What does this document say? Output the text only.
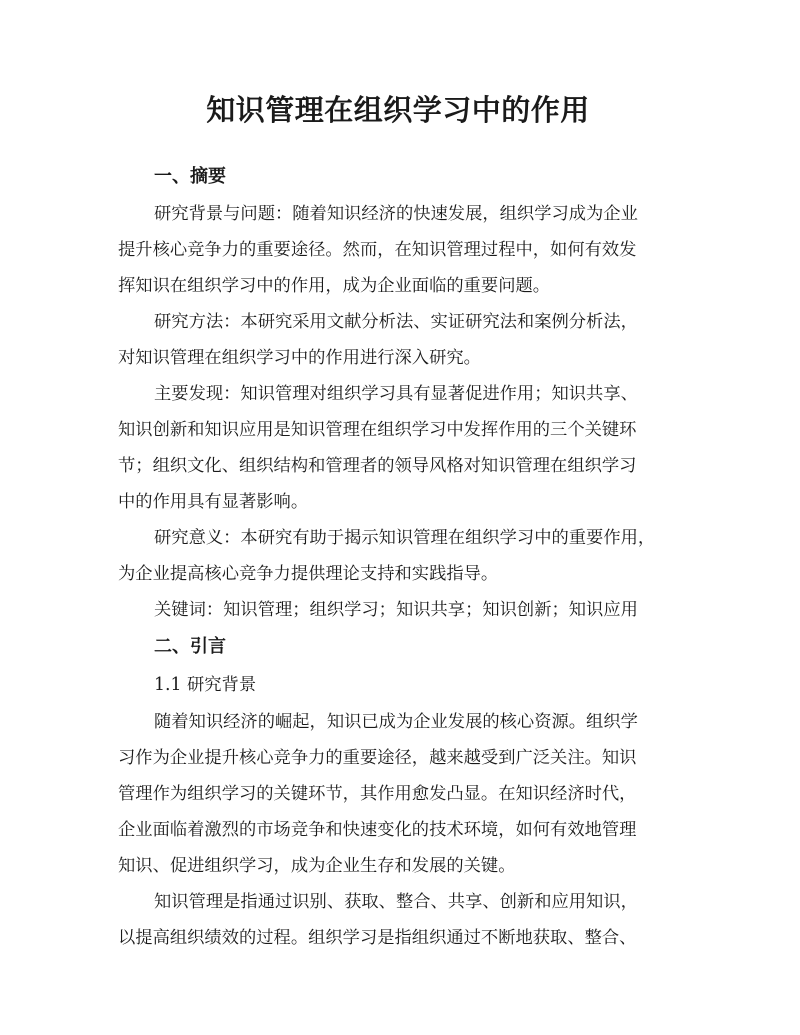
知识管理在组织学习中的作用
一、摘要

研究背景与问题：随着知识经济的快速发展，组织学习成为企业
提升核心竞争力的重要途径。然而，在知识管理过程中，如何有效发
挥知识在组织学习中的作用，成为企业面临的重要问题。

研究方法：本研究采用文献分析法、实证研究法和案例分析法，
对知识管理在组织学习中的作用进行深入研究。

主要发现：知识管理对组织学习具有显著促进作用；知识共享、
知识创新和知识应用是知识管理在组织学习中发挥作用的三个关键环
节；组织文化、组织结构和管理者的领导风格对知识管理在组织学习
中的作用具有显著影响。

研究意义：本研究有助于揭示知识管理在组织学习中的重要作用，
为企业提高核心竞争力提供理论支持和实践指导。

关键词：知识管理；组织学习；知识共享；知识创新；知识应用

二、引言

1.1 研究背景

随着知识经济的崛起，知识已成为企业发展的核心资源。组织学
习作为企业提升核心竞争力的重要途径，越来越受到广泛关注。知识
管理作为组织学习的关键环节，其作用愈发凸显。在知识经济时代，
企业面临着激烈的市场竞争和快速变化的技术环境，如何有效地管理
知识、促进组织学习，成为企业生存和发展的关键。

知识管理是指通过识别、获取、整合、共享、创新和应用知识，
以提高组织绩效的过程。组织学习是指组织通过不断地获取、整合、
